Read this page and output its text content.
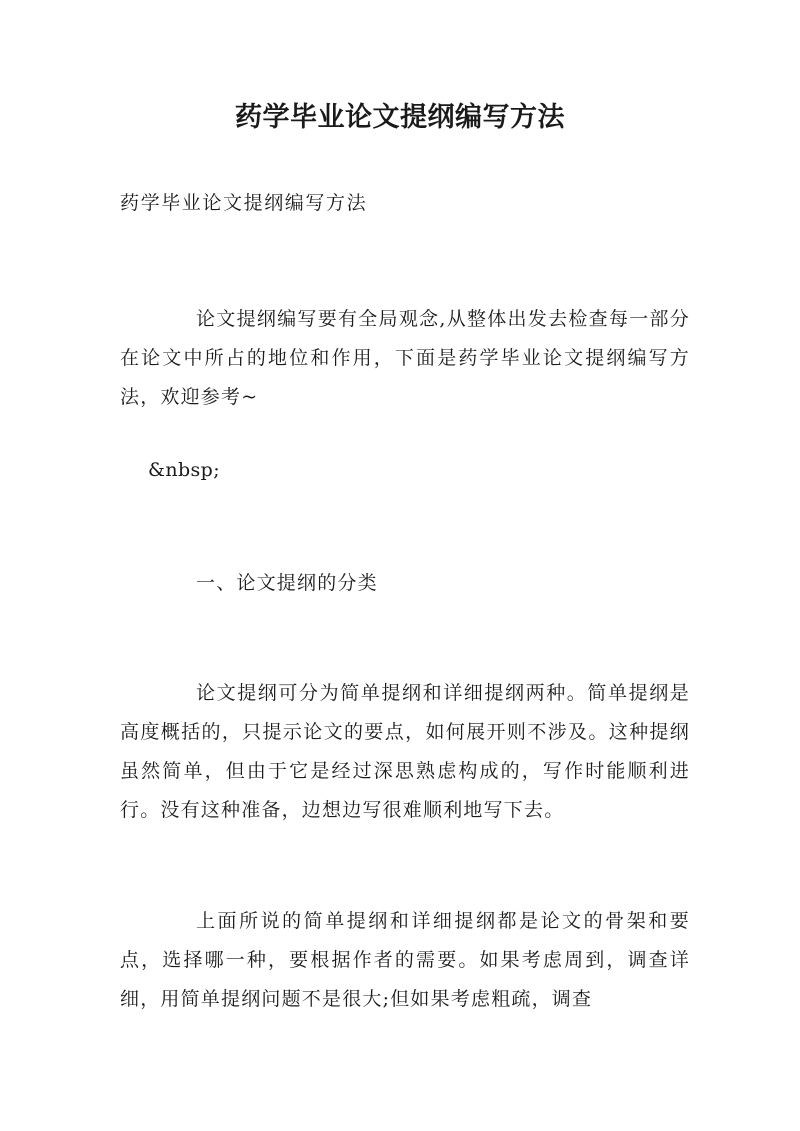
药学毕业论文提纲编写方法

药学毕业论文提纲编写方法

论文提纲编写要有全局观念,从整体出发去检查每一部分在论文中所占的地位和作用，下面是药学毕业论文提纲编写方法，欢迎参考~

&nbsp;

一、论文提纲的分类

论文提纲可分为简单提纲和详细提纲两种。简单提纲是高度概括的，只提示论文的要点，如何展开则不涉及。这种提纲虽然简单，但由于它是经过深思熟虑构成的，写作时能顺利进行。没有这种准备，边想边写很难顺利地写下去。

上面所说的简单提纲和详细提纲都是论文的骨架和要点，选择哪一种，要根据作者的需要。如果考虑周到，调查详细，用简单提纲问题不是很大;但如果考虑粗疏，调查
